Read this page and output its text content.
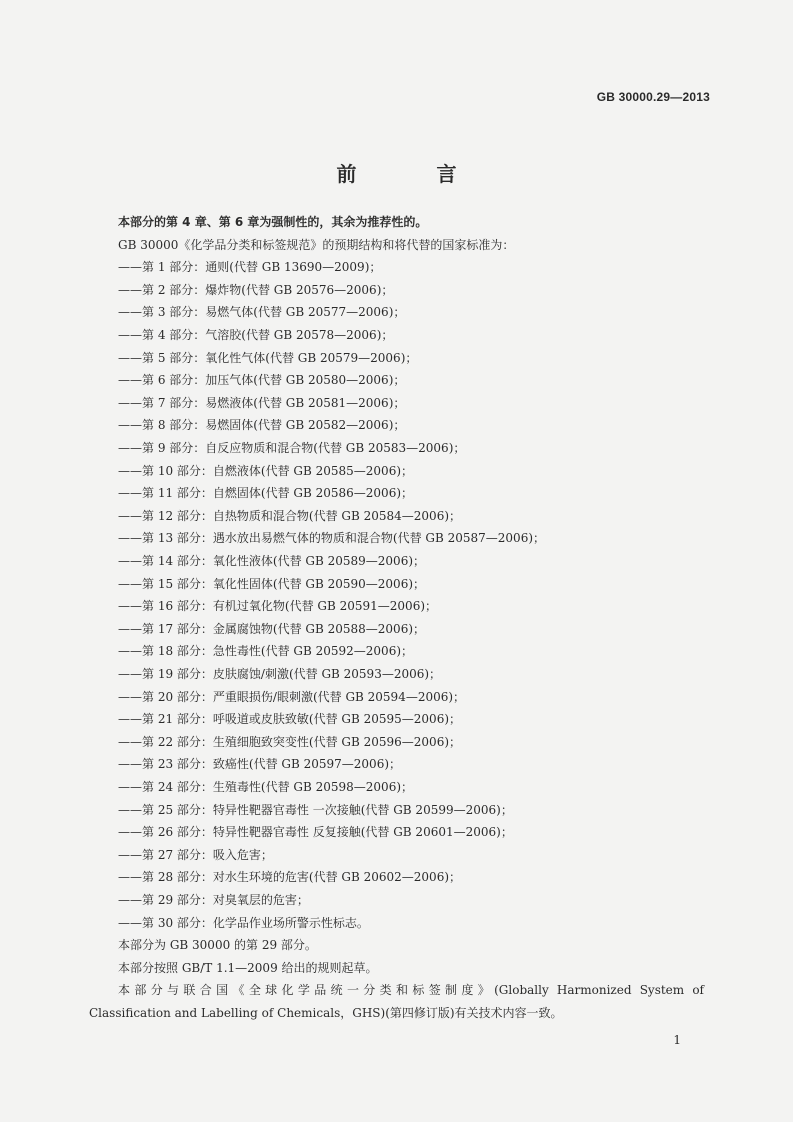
GB 30000.29—2013
前　言
本部分的第 4 章、第 6 章为强制性的，其余为推荐性的。
GB 30000《化学品分类和标签规范》的预期结构和将代替的国家标准为：
——第 1 部分：通则(代替 GB 13690—2009)；
——第 2 部分：爆炸物(代替 GB 20576—2006)；
——第 3 部分：易燃气体(代替 GB 20577—2006)；
——第 4 部分：气溶胶(代替 GB 20578—2006)；
——第 5 部分：氧化性气体(代替 GB 20579—2006)；
——第 6 部分：加压气体(代替 GB 20580—2006)；
——第 7 部分：易燃液体(代替 GB 20581—2006)；
——第 8 部分：易燃固体(代替 GB 20582—2006)；
——第 9 部分：自反应物质和混合物(代替 GB 20583—2006)；
——第 10 部分：自燃液体(代替 GB 20585—2006)；
——第 11 部分：自燃固体(代替 GB 20586—2006)；
——第 12 部分：自热物质和混合物(代替 GB 20584—2006)；
——第 13 部分：遇水放出易燃气体的物质和混合物(代替 GB 20587—2006)；
——第 14 部分：氧化性液体(代替 GB 20589—2006)；
——第 15 部分：氧化性固体(代替 GB 20590—2006)；
——第 16 部分：有机过氧化物(代替 GB 20591—2006)；
——第 17 部分：金属腐蚀物(代替 GB 20588—2006)；
——第 18 部分：急性毒性(代替 GB 20592—2006)；
——第 19 部分：皮肤腐蚀/刺激(代替 GB 20593—2006)；
——第 20 部分：严重眼损伤/眼刺激(代替 GB 20594—2006)；
——第 21 部分：呼吸道或皮肤致敏(代替 GB 20595—2006)；
——第 22 部分：生殖细胞致突变性(代替 GB 20596—2006)；
——第 23 部分：致癌性(代替 GB 20597—2006)；
——第 24 部分：生殖毒性(代替 GB 20598—2006)；
——第 25 部分：特异性靶器官毒性 一次接触(代替 GB 20599—2006)；
——第 26 部分：特异性靶器官毒性 反复接触(代替 GB 20601—2006)；
——第 27 部分：吸入危害；
——第 28 部分：对水生环境的危害(代替 GB 20602—2006)；
——第 29 部分：对臭氧层的危害；
——第 30 部分：化学品作业场所警示性标志。
本部分为 GB 30000 的第 29 部分。
本部分按照 GB/T 1.1—2009 给出的规则起草。
本部分与联合国《全球化学品统一分类和标签制度》(Globally Harmonized System of
Classification and Labelling of Chemicals，GHS)(第四修订版)有关技术内容一致。
1
